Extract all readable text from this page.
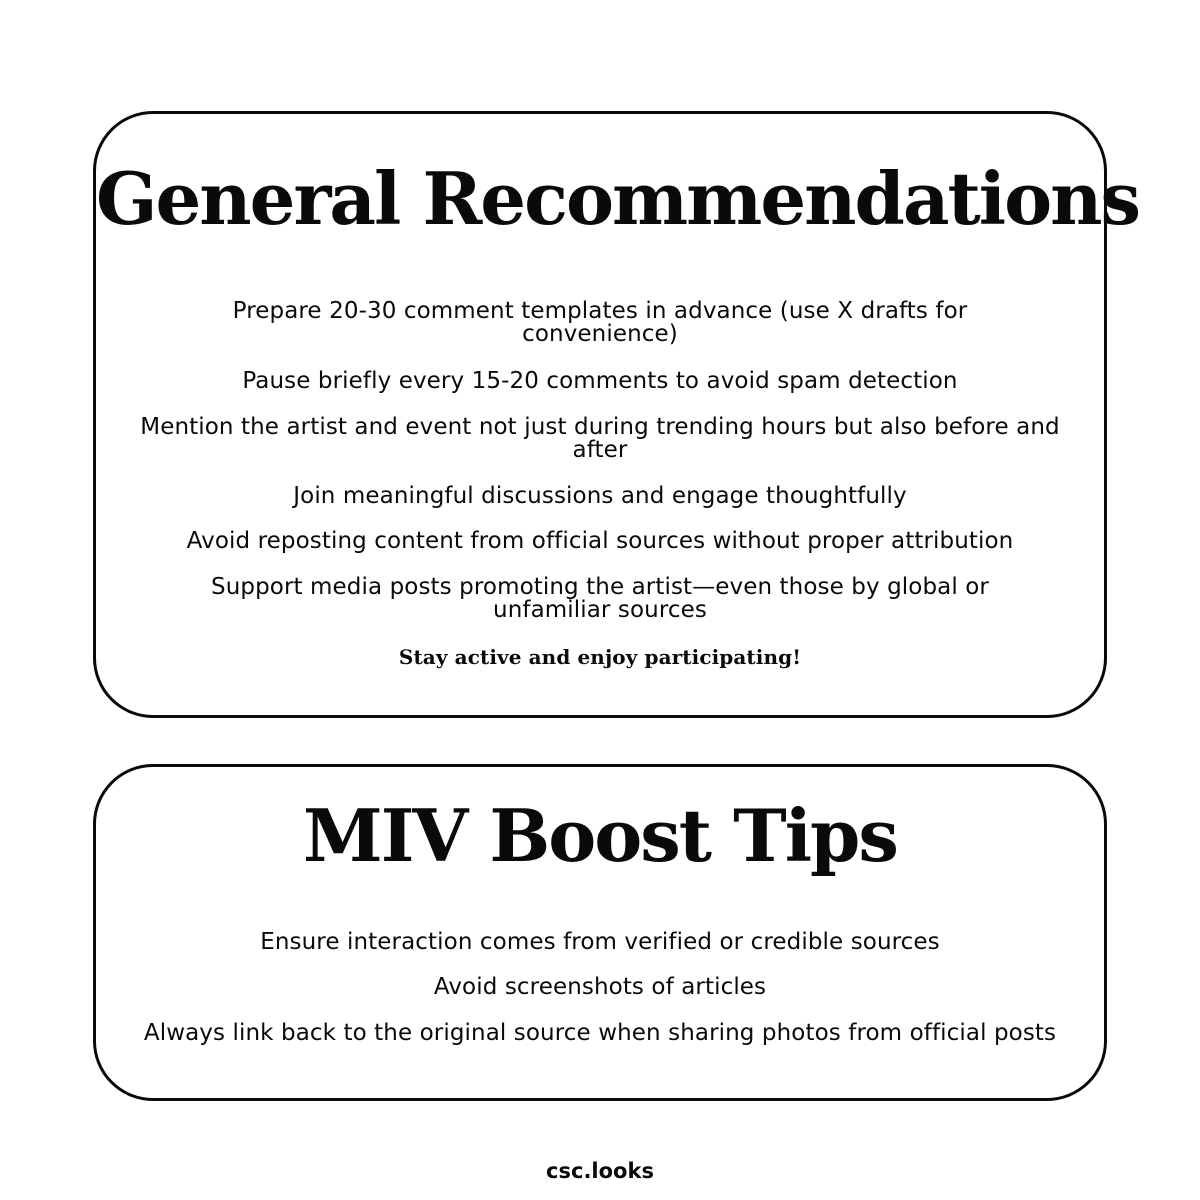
General Recommendations

Prepare 20-30 comment templates in advance (use X drafts for convenience)

Pause briefly every 15-20 comments to avoid spam detection

Mention the artist and event not just during trending hours but also before and after

Join meaningful discussions and engage thoughtfully

Avoid reposting content from official sources without proper attribution

Support media posts promoting the artist—even those by global or unfamiliar sources

Stay active and enjoy participating!

MIV Boost Tips

Ensure interaction comes from verified or credible sources

Avoid screenshots of articles

Always link back to the original source when sharing photos from official posts

csc.looks
